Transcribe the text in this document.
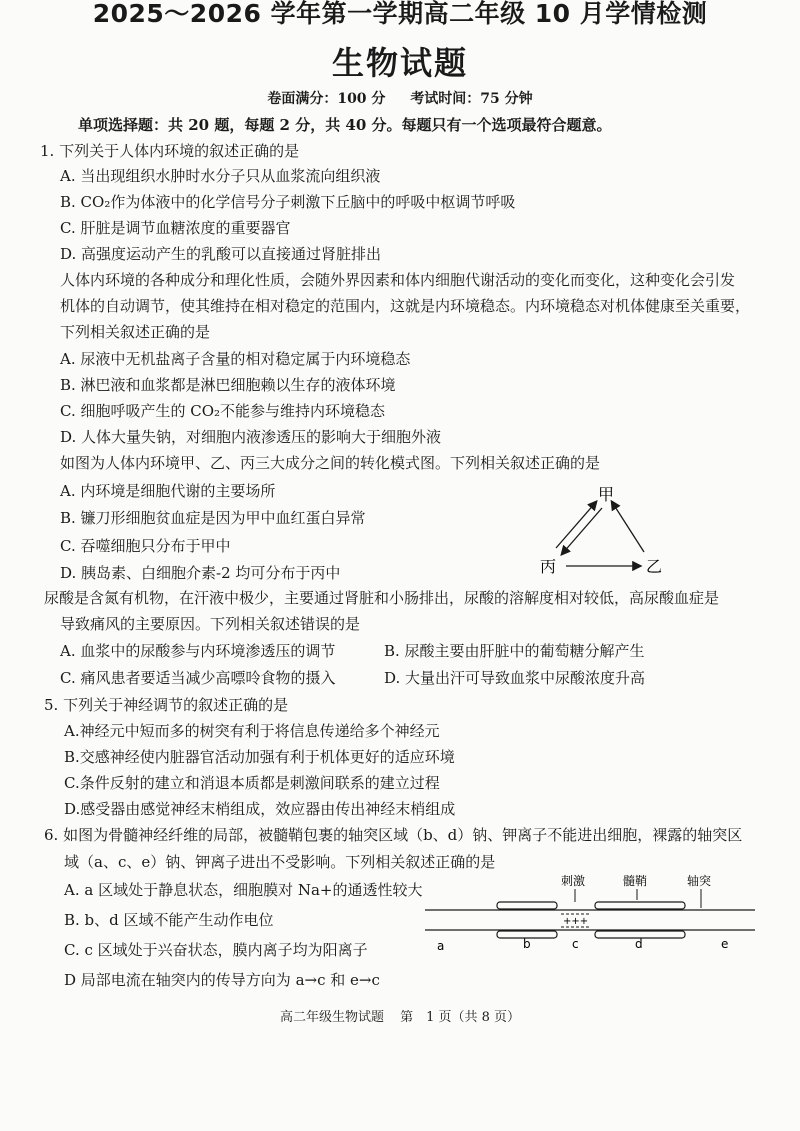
2025～2026 学年第一学期高二年级 10 月学情检测
生物试题
卷面满分：100 分 考试时间：75 分钟
单项选择题：共 20 题，每题 2 分，共 40 分。每题只有一个选项最符合题意。
1. 下列关于人体内环境的叙述正确的是
A. 当出现组织水肿时水分子只从血浆流向组织液
B. CO₂作为体液中的化学信号分子刺激下丘脑中的呼吸中枢调节呼吸
C. 肝脏是调节血糖浓度的重要器官
D. 高强度运动产生的乳酸可以直接通过肾脏排出
人体内环境的各种成分和理化性质，会随外界因素和体内细胞代谢活动的变化而变化，这种变化会引发
机体的自动调节，使其维持在相对稳定的范围内，这就是内环境稳态。内环境稳态对机体健康至关重要，
下列相关叙述正确的是
A. 尿液中无机盐离子含量的相对稳定属于内环境稳态
B. 淋巴液和血浆都是淋巴细胞赖以生存的液体环境
C. 细胞呼吸产生的 CO₂不能参与维持内环境稳态
D. 人体大量失钠，对细胞内液渗透压的影响大于细胞外液
如图为人体内环境甲、乙、丙三大成分之间的转化模式图。下列相关叙述正确的是
A. 内环境是细胞代谢的主要场所
B. 镰刀形细胞贫血症是因为甲中血红蛋白异常
C. 吞噬细胞只分布于甲中
D. 胰岛素、白细胞介素-2 均可分布于丙中
甲
丙	乙
尿酸是含氮有机物，在汗液中极少，主要通过肾脏和小肠排出，尿酸的溶解度相对较低，高尿酸血症是
导致痛风的主要原因。下列相关叙述错误的是
A. 血浆中的尿酸参与内环境渗透压的调节	B. 尿酸主要由肝脏中的葡萄糖分解产生
C. 痛风患者要适当减少高嘌呤食物的摄入	D. 大量出汗可导致血浆中尿酸浓度升高
5. 下列关于神经调节的叙述正确的是
A.神经元中短而多的树突有利于将信息传递给多个神经元
B.交感神经使内脏器官活动加强有利于机体更好的适应环境
C.条件反射的建立和消退本质都是刺激间联系的建立过程
D.感受器由感觉神经末梢组成，效应器由传出神经末梢组成
6. 如图为骨髓神经纤维的局部，被髓鞘包裹的轴突区域（b、d）钠、钾离子不能进出细胞，裸露的轴突区
域（a、c、e）钠、钾离子进出不受影响。下列相关叙述正确的是
A. a 区域处于静息状态，细胞膜对 Na+的通透性较大
B. b、d 区域不能产生动作电位
C. c 区域处于兴奋状态，膜内离子均为阳离子
D 局部电流在轴突内的传导方向为 a→c 和 e→c
刺激	髓鞘	轴突
+++
a	b	c	d	e
高二年级生物试题 第　1 页（共 8 页）
